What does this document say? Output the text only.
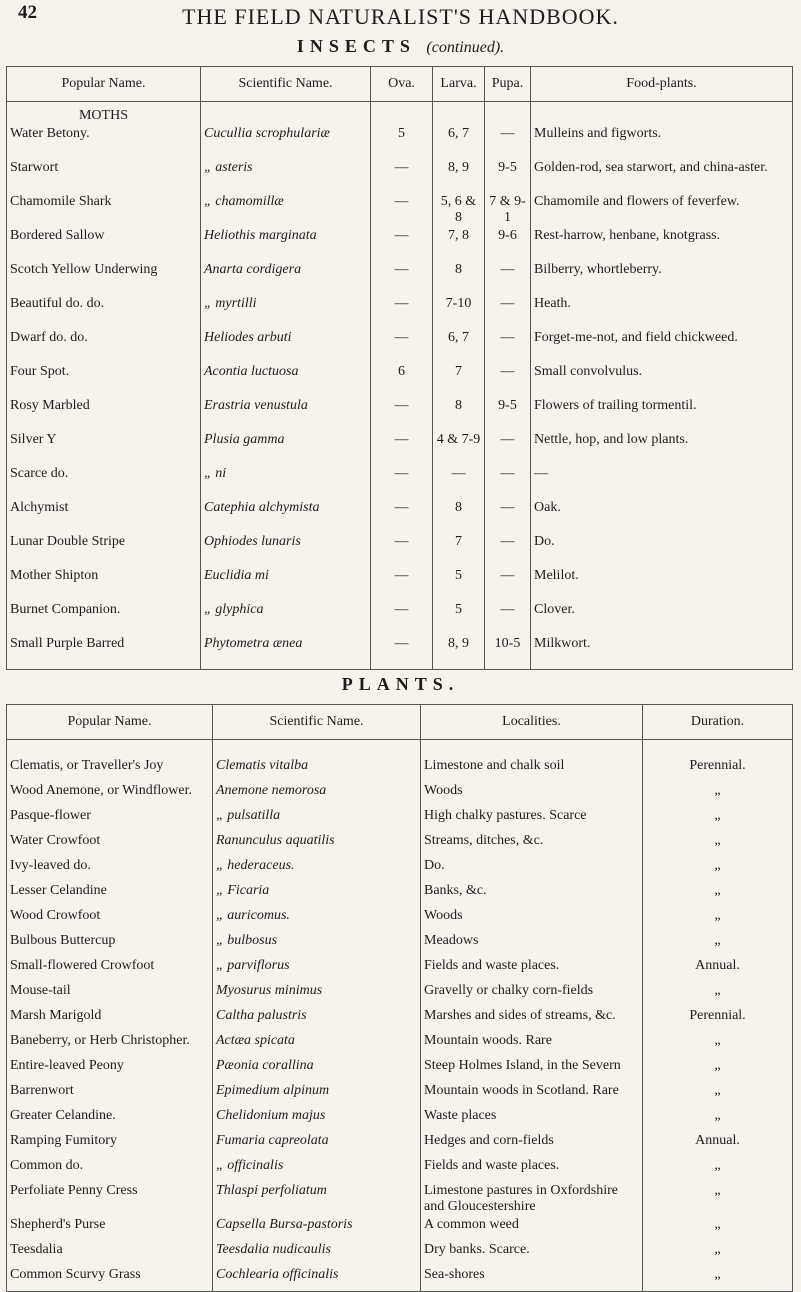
42	THE FIELD NATURALIST'S HANDBOOK.
INSECTS (continued).
Popular Name.	Scientific Name.	Ova.	Larva.	Pupa.	Food-plants.
MOTHS					
Water Betony.	Cucullia scrophulariæ	5	6, 7	—	Mulleins and figworts.
Starwort	„ asteris	—	8, 9	9-5	Golden-rod, sea starwort, and china-aster.
Chamomile Shark	„ chamomillæ	—	5, 6 & 8	7 & 9-1	Chamomile and flowers of feverfew.
Bordered Sallow	Heliothis marginata	—	7, 8	9-6	Rest-harrow, henbane, knotgrass.
Scotch Yellow Underwing	Anarta cordigera	—	8	—	Bilberry, whortleberry.
Beautiful do. do.	„ myrtilli	—	7-10	—	Heath.
Dwarf do. do.	Heliodes arbuti	—	6, 7	—	Forget-me-not, and field chickweed.
Four Spot.	Acontia luctuosa	6	7	—	Small convolvulus.
Rosy Marbled	Erastria venustula	—	8	9-5	Flowers of trailing tormentil.
Silver Y	Plusia gamma	—	4 & 7-9	—	Nettle, hop, and low plants.
Scarce do.	„ ni	—	—	—	—
Alchymist	Catephia alchymista	—	8	—	Oak.
Lunar Double Stripe	Ophiodes lunaris	—	7	—	Do.
Mother Shipton	Euclidia mi	—	5	—	Melilot.
Burnet Companion.	„ glyphica	—	5	—	Clover.
Small Purple Barred	Phytometra ænea	—	8, 9	10-5	Milkwort.
PLANTS.
Popular Name.	Scientific Name.	Localities.	Duration.
Clematis, or Traveller's Joy	Clematis vitalba	Limestone and chalk soil	Perennial.
Wood Anemone, or Windflower.	Anemone nemorosa	Woods	„
Pasque-flower	„ pulsatilla	High chalky pastures. Scarce	„
Water Crowfoot	Ranunculus aquatilis	Streams, ditches, &c.	„
Ivy-leaved do.	„ hederaceus.	Do.	„
Lesser Celandine	„ Ficaria	Banks, &c.	„
Wood Crowfoot	„ auricomus.	Woods	„
Bulbous Buttercup	„ bulbosus	Meadows	„
Small-flowered Crowfoot	„ parviflorus	Fields and waste places.	Annual.
Mouse-tail	Myosurus minimus	Gravelly or chalky corn-fields	„
Marsh Marigold	Caltha palustris	Marshes and sides of streams, &c.	Perennial.
Baneberry, or Herb Christopher.	Actæa spicata	Mountain woods. Rare	„
Entire-leaved Peony	Pæonia corallina	Steep Holmes Island, in the Severn	„
Barrenwort	Epimedium alpinum	Mountain woods in Scotland. Rare	„
Greater Celandine.	Chelidonium majus	Waste places	„
Ramping Fumitory	Fumaria capreolata	Hedges and corn-fields	Annual.
Common do.	„ officinalis	Fields and waste places.	„
Perfoliate Penny Cress	Thlaspi perfoliatum	Limestone pastures in Oxfordshire and Gloucestershire	„
Shepherd's Purse	Capsella Bursa-pastoris	A common weed	„
Teesdalia	Teesdalia nudicaulis	Dry banks. Scarce.	„
Common Scurvy Grass	Cochlearia officinalis	Sea-shores	„
